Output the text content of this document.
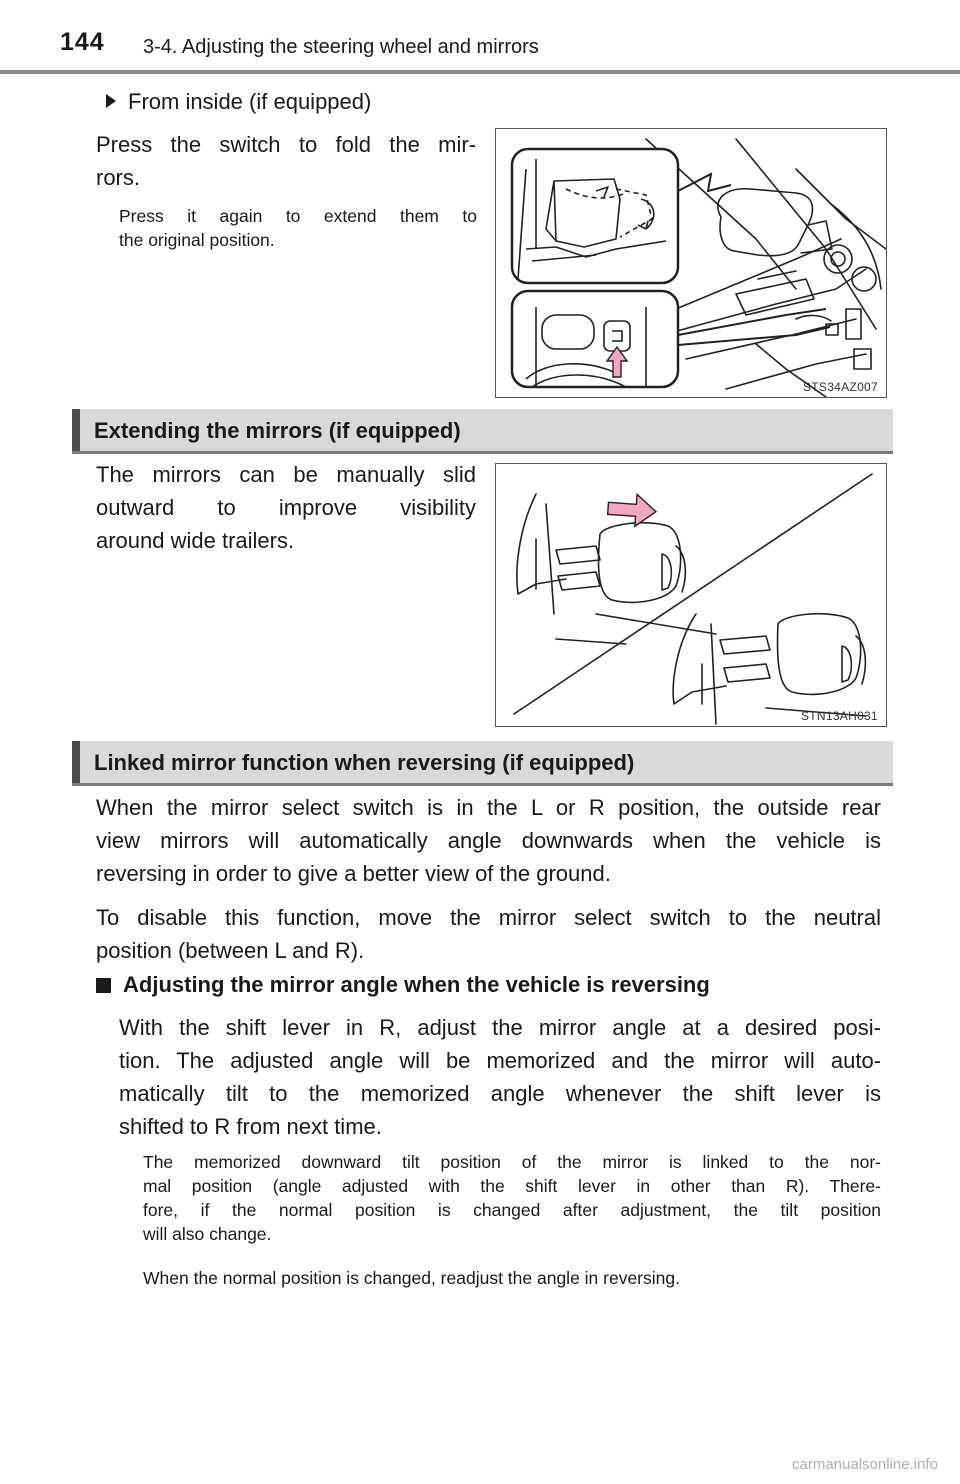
144 3-4. Adjusting the steering wheel and mirrors
From inside (if equipped)
Press the switch to fold the mir-
rors.
Press it again to extend them to
the original position.
STS34AZ007
Extending the mirrors (if equipped)
The mirrors can be manually slid
outward to improve visibility
around wide trailers.
STN13AH031
Linked mirror function when reversing (if equipped)
When the mirror select switch is in the L or R position, the outside rear
view mirrors will automatically angle downwards when the vehicle is
reversing in order to give a better view of the ground.
To disable this function, move the mirror select switch to the neutral
position (between L and R).
Adjusting the mirror angle when the vehicle is reversing
With the shift lever in R, adjust the mirror angle at a desired posi-
tion. The adjusted angle will be memorized and the mirror will auto-
matically tilt to the memorized angle whenever the shift lever is
shifted to R from next time.
The memorized downward tilt position of the mirror is linked to the nor-
mal position (angle adjusted with the shift lever in other than R). There-
fore, if the normal position is changed after adjustment, the tilt position
will also change.
When the normal position is changed, readjust the angle in reversing.
carmanualsonline.info
